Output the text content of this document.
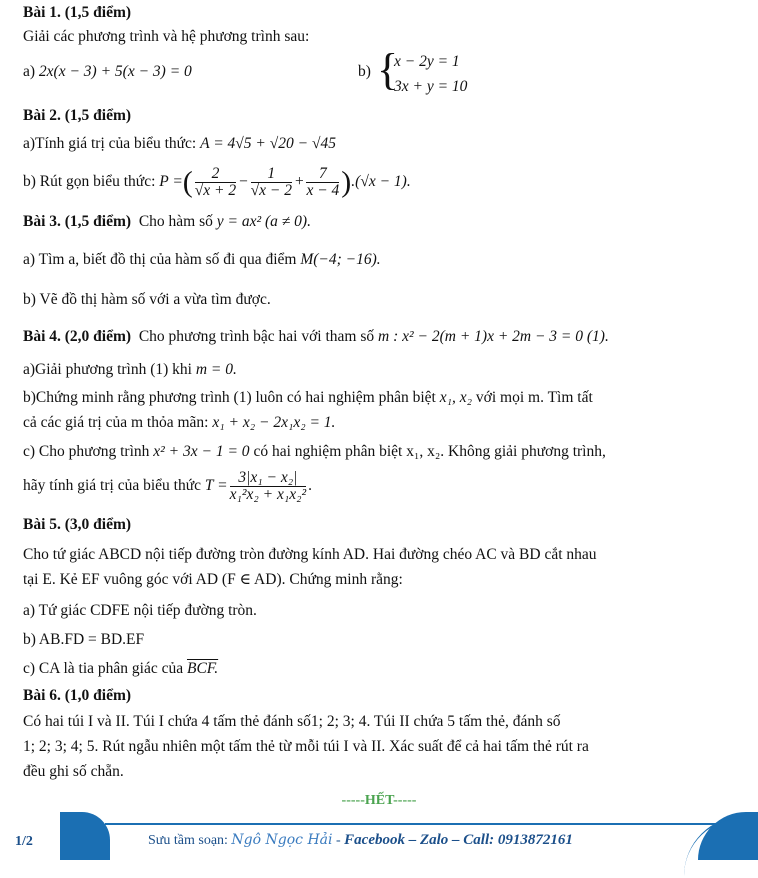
Bài 1. (1,5 điểm)
Giải các phương trình và hệ phương trình sau:
a) 2x(x − 3) + 5(x − 3) = 0	b) {
x − 2y = 1
3x + y = 10
Bài 2. (1,5 điểm)
a)Tính giá trị của biểu thức: A = 4√5 + √20 − √45
b) Rút gọn biểu thức: P =( $\frac{2}{√x + 2} - \frac{1}{√x - 2} + \frac{7}{x - 4} ).(√x - 1)$.
Bài 3. (1,5 điểm) Cho hàm số y = ax² (a ≠ 0).
a) Tìm a, biết đồ thị của hàm số đi qua điểm M(−4; −16).
b) Vẽ đồ thị hàm số với a vừa tìm được.
Bài 4. (2,0 điểm) Cho phương trình bậc hai với tham số m : x² − 2(m + 1)x + 2m − 3 = 0 (1).
a)Giải phương trình (1) khi m = 0.
b)Chứng minh rằng phương trình (1) luôn có hai nghiệm phân biệt x₁, x₂ với mọi m. Tìm tất
cả các giá trị của m thỏa mãn: x₁ + x₂ − 2x₁x₂ = 1.
c) Cho phương trình x² + 3x − 1 = 0 có hai nghiệm phân biệt x₁, x₂. Không giải phương trình,
hãy tính giá trị của biểu thức $T = \frac{\text{3|x₁ − x₂|}}{\text{x₁²x₂ + x₁x₂²}}$ .
Bài 5. (3,0 điểm)
Cho tứ giác ABCD nội tiếp đường tròn đường kính AD. Hai đường chéo AC và BD cắt nhau
tại E. Kẻ EF vuông góc với AD (F ∈ AD). Chứng minh rằng:
a) Tứ giác CDFE nội tiếp đường tròn.
b) AB.FD = BD.EF
c) CA là tia phân giác của BCF.
Bài 6. (1,0 điểm)
Có hai túi I và II. Túi I chứa 4 tấm thẻ đánh số1; 2; 3; 4. Túi II chứa 5 tấm thẻ, đánh số
1; 2; 3; 4; 5. Rút ngẫu nhiên một tấm thẻ từ mỗi túi I và II. Xác suất để cả hai tấm thẻ rút ra
đều ghi số chẵn.
-----HẾT-----
1/2	Sưu tầm soạn: Ngô Ngọc Hải - Facebook – Zalo – Call: 0913872161
